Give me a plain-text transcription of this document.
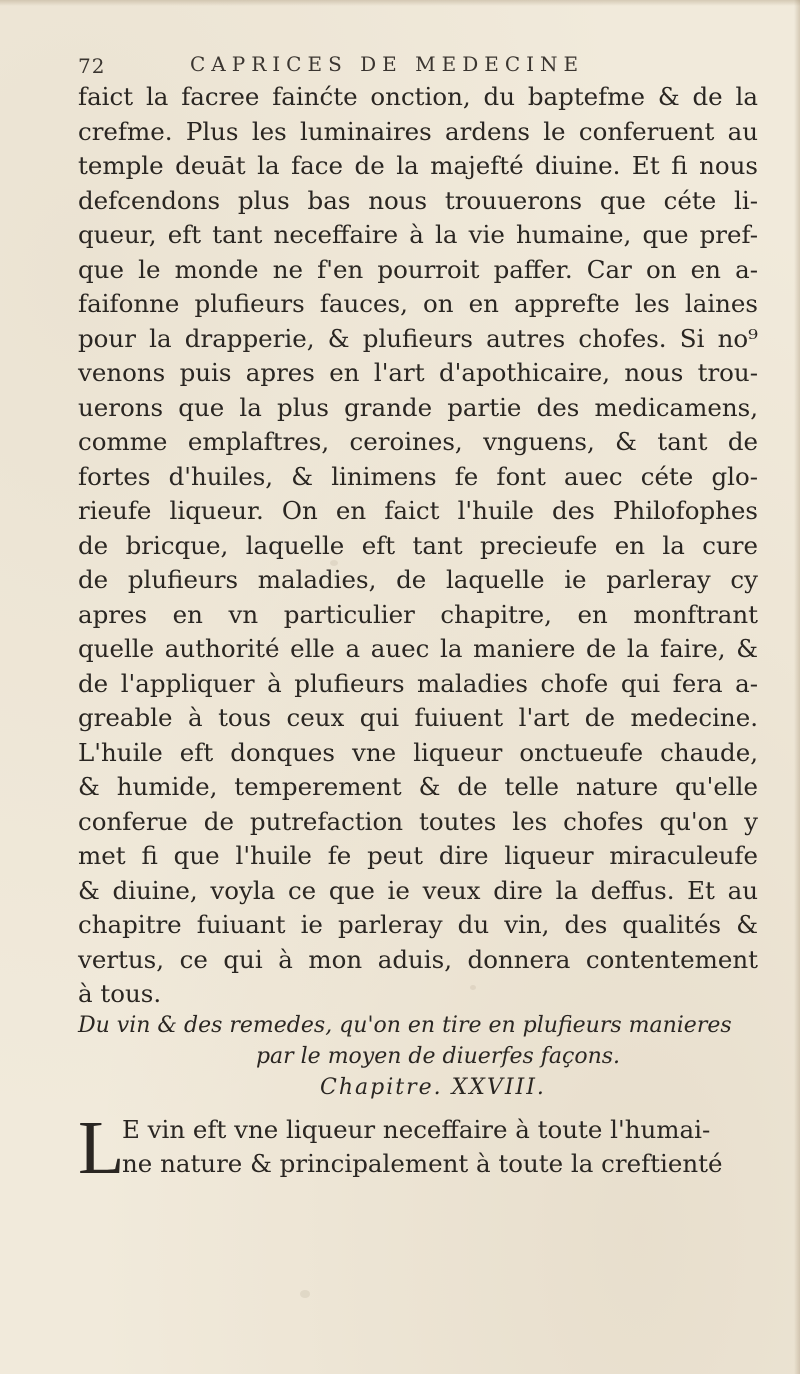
72	CAPRICES DE MEDECINE
faict la facree fainćte onction, du baptefme & de la
crefme. Plus les luminaires ardens le conferuent au
temple deuāt la face de la majefté diuine. Et fi nous
defcendons plus bas nous trouuerons que céte li-
queur, eft tant neceffaire à la vie humaine, que pref-
que le monde ne f'en pourroit paffer. Car on en a-
faifonne plufieurs fauces, on en apprefte les laines
pour la drapperie, & plufieurs autres chofes. Si no⁹
venons puis apres en l'art d'apothicaire, nous trou-
uerons que la plus grande partie des medicamens,
comme emplaftres, ceroines, vnguens, & tant de
fortes d'huiles, & linimens fe font auec céte glo-
rieufe liqueur. On en faict l'huile des Philofophes
de bricque, laquelle eft tant precieufe en la cure
de plufieurs maladies, de laquelle ie parleray cy
apres en vn particulier chapitre, en monftrant
quelle authorité elle a auec la maniere de la faire, &
de l'appliquer à plufieurs maladies chofe qui fera a-
greable à tous ceux qui fuiuent l'art de medecine.
L'huile eft donques vne liqueur onctueufe chaude,
& humide, temperement & de telle nature qu'elle
conferue de putrefaction toutes les chofes qu'on y
met fi que l'huile fe peut dire liqueur miraculeufe
& diuine, voyla ce que ie veux dire la deffus. Et au
chapitre fuiuant ie parleray du vin, des qualités &
vertus, ce qui à mon aduis, donnera contentement
à tous.
Du vin & des remedes, qu'on en tire en plufieurs manieres
par le moyen de diuerfes façons.
Chapitre. XXVIII.
L
E vin eft vne liqueur neceffaire à toute l'humai-
ne nature & principalement à toute la creftienté
